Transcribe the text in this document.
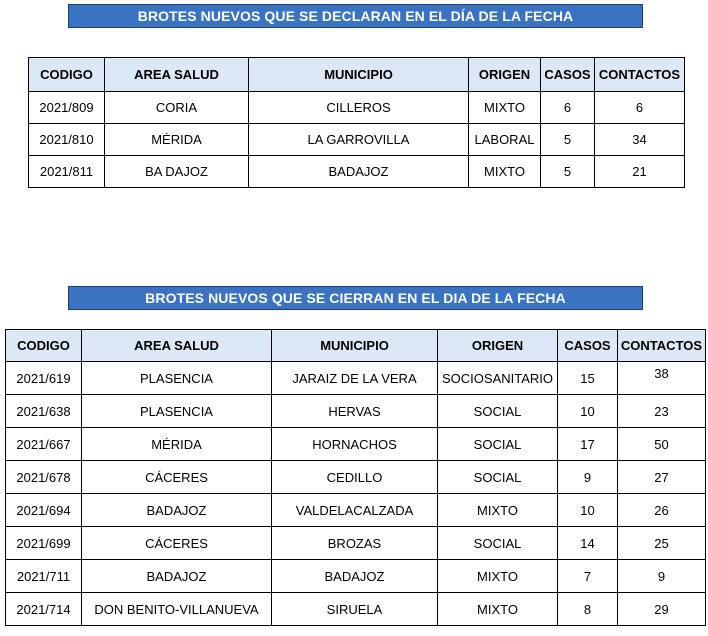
BROTES NUEVOS QUE SE DECLARAN EN EL DÍA DE LA FECHA
CODIGO	AREA SALUD	MUNICIPIO	ORIGEN	CASOS	CONTACTOS
2021/809	CORIA	CILLEROS	MIXTO	6	6
2021/810	MÉRIDA	LA GARROVILLA	LABORAL	5	34
2021/811	BA DAJOZ	BADAJOZ	MIXTO	5	21
BROTES NUEVOS QUE SE CIERRAN EN EL DIA DE LA FECHA
CODIGO	AREA SALUD	MUNICIPIO	ORIGEN	CASOS	CONTACTOS
2021/619	PLASENCIA	JARAIZ DE LA VERA	SOCIOSANITARIO	15	38
2021/638	PLASENCIA	HERVAS	SOCIAL	10	23
2021/667	MÉRIDA	HORNACHOS	SOCIAL	17	50
2021/678	CÁCERES	CEDILLO	SOCIAL	9	27
2021/694	BADAJOZ	VALDELACALZADA	MIXTO	10	26
2021/699	CÁCERES	BROZAS	SOCIAL	14	25
2021/711	BADAJOZ	BADAJOZ	MIXTO	7	9
2021/714	DON BENITO-VILLANUEVA	SIRUELA	MIXTO	8	29
